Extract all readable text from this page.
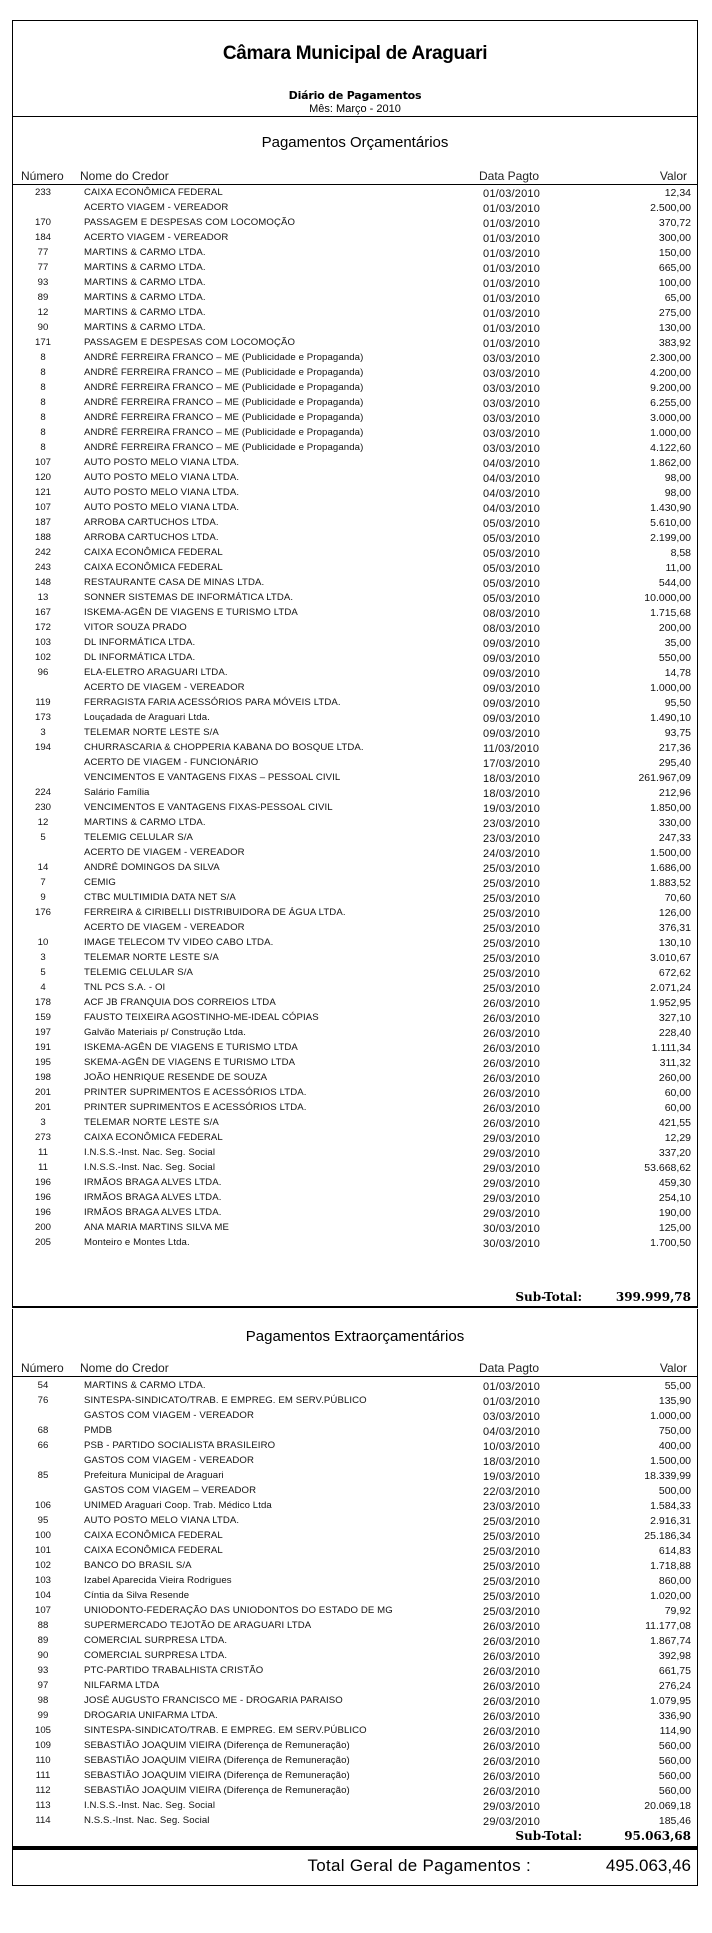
Câmara Municipal de Araguari
Diário de Pagamentos
Mês: Março - 2010
Pagamentos Orçamentários
Número Nome do Credor	Data Pagto	Valor
233	CAIXA ECONÔMICA FEDERAL	01/03/2010	12,34
ACERTO VIAGEM - VEREADOR	01/03/2010	2.500,00
170	PASSAGEM E DESPESAS COM LOCOMOÇÃO	01/03/2010	370,72
184	ACERTO VIAGEM - VEREADOR	01/03/2010	300,00
77	MARTINS & CARMO LTDA.	01/03/2010	150,00
77	MARTINS & CARMO LTDA.	01/03/2010	665,00
93	MARTINS & CARMO LTDA.	01/03/2010	100,00
89	MARTINS & CARMO LTDA.	01/03/2010	65,00
12	MARTINS & CARMO LTDA.	01/03/2010	275,00
90	MARTINS & CARMO LTDA.	01/03/2010	130,00
171	PASSAGEM E DESPESAS COM LOCOMOÇÃO	01/03/2010	383,92
8	ANDRÉ FERREIRA FRANCO – ME (Publicidade e Propaganda)	03/03/2010	2.300,00
8	ANDRÉ FERREIRA FRANCO – ME (Publicidade e Propaganda)	03/03/2010	4.200,00
8	ANDRÉ FERREIRA FRANCO – ME (Publicidade e Propaganda)	03/03/2010	9.200,00
8	ANDRÉ FERREIRA FRANCO – ME (Publicidade e Propaganda)	03/03/2010	6.255,00
8	ANDRÉ FERREIRA FRANCO – ME (Publicidade e Propaganda)	03/03/2010	3.000,00
8	ANDRÉ FERREIRA FRANCO – ME (Publicidade e Propaganda)	03/03/2010	1.000,00
8	ANDRÉ FERREIRA FRANCO – ME (Publicidade e Propaganda)	03/03/2010	4.122,60
107	AUTO POSTO MELO VIANA LTDA.	04/03/2010	1.862,00
120	AUTO POSTO MELO VIANA LTDA.	04/03/2010	98,00
121	AUTO POSTO MELO VIANA LTDA.	04/03/2010	98,00
107	AUTO POSTO MELO VIANA LTDA.	04/03/2010	1.430,90
187	ARROBA CARTUCHOS LTDA.	05/03/2010	5.610,00
188	ARROBA CARTUCHOS LTDA.	05/03/2010	2.199,00
242	CAIXA ECONÔMICA FEDERAL	05/03/2010	8,58
243	CAIXA ECONÔMICA FEDERAL	05/03/2010	11,00
148	RESTAURANTE CASA DE MINAS LTDA.	05/03/2010	544,00
13	SONNER SISTEMAS DE INFORMÁTICA LTDA.	05/03/2010	10.000,00
167	ISKEMA-AGÊN DE VIAGENS E TURISMO LTDA	08/03/2010	1.715,68
172	VITOR SOUZA PRADO	08/03/2010	200,00
103	DL INFORMÁTICA LTDA.	09/03/2010	35,00
102	DL INFORMÁTICA LTDA.	09/03/2010	550,00
96	ELA-ELETRO ARAGUARI LTDA.	09/03/2010	14,78
ACERTO DE VIAGEM - VEREADOR	09/03/2010	1.000,00
119	FERRAGISTA FARIA ACESSÓRIOS PARA MÓVEIS LTDA.	09/03/2010	95,50
173	Louçadada de Araguari Ltda.	09/03/2010	1.490,10
3	TELEMAR NORTE LESTE S/A	09/03/2010	93,75
194	CHURRASCARIA & CHOPPERIA KABANA DO BOSQUE LTDA.	11/03/2010	217,36
ACERTO DE VIAGEM - FUNCIONÁRIO	17/03/2010	295,40
VENCIMENTOS E VANTAGENS FIXAS – PESSOAL CIVIL	18/03/2010	261.967,09
224	Salário Família	18/03/2010	212,96
230	VENCIMENTOS E VANTAGENS FIXAS-PESSOAL CIVIL	19/03/2010	1.850,00
12	MARTINS & CARMO LTDA.	23/03/2010	330,00
5	TELEMIG CELULAR S/A	23/03/2010	247,33
ACERTO DE VIAGEM - VEREADOR	24/03/2010	1.500,00
14	ANDRÉ DOMINGOS DA SILVA	25/03/2010	1.686,00
7	CEMIG	25/03/2010	1.883,52
9	CTBC MULTIMIDIA DATA NET S/A	25/03/2010	70,60
176	FERREIRA & CIRIBELLI DISTRIBUIDORA DE ÁGUA LTDA.	25/03/2010	126,00
ACERTO DE VIAGEM - VEREADOR	25/03/2010	376,31
10	IMAGE TELECOM TV VIDEO CABO LTDA.	25/03/2010	130,10
3	TELEMAR NORTE LESTE S/A	25/03/2010	3.010,67
5	TELEMIG CELULAR S/A	25/03/2010	672,62
4	TNL PCS S.A. - OI	25/03/2010	2.071,24
178	ACF JB FRANQUIA DOS CORREIOS LTDA	26/03/2010	1.952,95
159	FAUSTO TEIXEIRA AGOSTINHO-ME-IDEAL CÓPIAS	26/03/2010	327,10
197	Galvão Materiais p/ Construção Ltda.	26/03/2010	228,40
191	ISKEMA-AGÊN DE VIAGENS E TURISMO LTDA	26/03/2010	1.111,34
195	SKEMA-AGÊN DE VIAGENS E TURISMO LTDA	26/03/2010	311,32
198	JOÃO HENRIQUE RESENDE DE SOUZA	26/03/2010	260,00
201	PRINTER SUPRIMENTOS E ACESSÓRIOS LTDA.	26/03/2010	60,00
201	PRINTER SUPRIMENTOS E ACESSÓRIOS LTDA.	26/03/2010	60,00
3	TELEMAR NORTE LESTE S/A	26/03/2010	421,55
273	CAIXA ECONÔMICA FEDERAL	29/03/2010	12,29
11	I.N.S.S.-Inst. Nac. Seg. Social	29/03/2010	337,20
11	I.N.S.S.-Inst. Nac. Seg. Social	29/03/2010	53.668,62
196	IRMÃOS BRAGA ALVES LTDA.	29/03/2010	459,30
196	IRMÃOS BRAGA ALVES LTDA.	29/03/2010	254,10
196	IRMÃOS BRAGA ALVES LTDA.	29/03/2010	190,00
200	ANA MARIA MARTINS SILVA ME	30/03/2010	125,00
205	Monteiro e Montes Ltda.	30/03/2010	1.700,50
Sub-Total:	399.999,78
Pagamentos Extraorçamentários
Número Nome do Credor	Data Pagto	Valor
54	MARTINS & CARMO LTDA.	01/03/2010	55,00
76	SINTESPA-SINDICATO/TRAB. E EMPREG. EM SERV.PÚBLICO	01/03/2010	135,90
GASTOS COM VIAGEM - VEREADOR	03/03/2010	1.000,00
68	PMDB	04/03/2010	750,00
66	PSB - PARTIDO SOCIALISTA BRASILEIRO	10/03/2010	400,00
GASTOS COM VIAGEM - VEREADOR	18/03/2010	1.500,00
85	Prefeitura Municipal de Araguari	19/03/2010	18.339,99
GASTOS COM VIAGEM – VEREADOR	22/03/2010	500,00
106	UNIMED Araguari Coop. Trab. Médico Ltda	23/03/2010	1.584,33
95	AUTO POSTO MELO VIANA LTDA.	25/03/2010	2.916,31
100	CAIXA ECONÔMICA FEDERAL	25/03/2010	25.186,34
101	CAIXA ECONÔMICA FEDERAL	25/03/2010	614,83
102	BANCO DO BRASIL S/A	25/03/2010	1.718,88
103	Izabel Aparecida Vieira Rodrigues	25/03/2010	860,00
104	Cíntia da Silva Resende	25/03/2010	1.020,00
107	UNIODONTO-FEDERAÇÃO DAS UNIODONTOS DO ESTADO DE MG	25/03/2010	79,92
88	SUPERMERCADO TEJOTÃO DE ARAGUARI LTDA	26/03/2010	11.177,08
89	COMERCIAL SURPRESA LTDA.	26/03/2010	1.867,74
90	COMERCIAL SURPRESA LTDA.	26/03/2010	392,98
93	PTC-PARTIDO TRABALHISTA CRISTÃO	26/03/2010	661,75
97	NILFARMA LTDA	26/03/2010	276,24
98	JOSÉ AUGUSTO FRANCISCO ME - DROGARIA PARAISO	26/03/2010	1.079,95
99	DROGARIA UNIFARMA LTDA.	26/03/2010	336,90
105	SINTESPA-SINDICATO/TRAB. E EMPREG. EM SERV.PÚBLICO	26/03/2010	114,90
109	SEBASTIÃO JOAQUIM VIEIRA (Diferença de Remuneração)	26/03/2010	560,00
110	SEBASTIÃO JOAQUIM VIEIRA (Diferença de Remuneração)	26/03/2010	560,00
111	SEBASTIÃO JOAQUIM VIEIRA (Diferença de Remuneração)	26/03/2010	560,00
112	SEBASTIÃO JOAQUIM VIEIRA (Diferença de Remuneração)	26/03/2010	560,00
113	I.N.S.S.-Inst. Nac. Seg. Social	29/03/2010	20.069,18
114	N.S.S.-Inst. Nac. Seg. Social	29/03/2010	185,46
Sub-Total:	95.063,68
Total Geral de Pagamentos :	495.063,46
